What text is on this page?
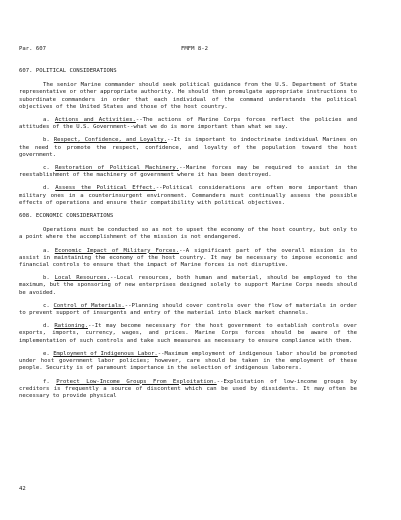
Par. 607	FMFM 8-2
607. POLITICAL CONSIDERATIONS
The senior Marine commander should seek political guidance from the U.S. Department of State representative or other appropriate authority. He should then promulgate appropriate instructions to subordinate commanders in order that each individual of the command understands the political objectives of the United States and those of the host country.
a. Actions and Activities.--The actions of Marine Corps forces reflect the policies and attitudes of the U.S. Government--what we do is more important than what we say.
b. Respect, Confidence, and Loyalty.--It is important to indoctrinate individual Marines on the need to promote the respect, confidence, and loyalty of the population toward the host government.
c. Restoration of Political Machinery.--Marine forces may be required to assist in the reestablishment of the machinery of government where it has been destroyed.
d. Assess the Political Effect.--Political considerations are often more important than military ones in a counterinsurgent environment. Commanders must continually assess the possible effects of operations and ensure their compatibility with political objectives.
608. ECONOMIC CONSIDERATIONS
Operations must be conducted so as not to upset the economy of the host country, but only to a point where the accomplishment of the mission is not endangered.
a. Economic Impact of Military Forces.--A significant part of the overall mission is to assist in maintaining the economy of the host country. It may be necessary to impose economic and financial controls to ensure that the impact of Marine forces is not disruptive.
b. Local Resources.--Local resources, both human and material, should be employed to the maximum, but the sponsoring of new enterprises designed solely to support Marine Corps needs should be avoided.
c. Control of Materials.--Planning should cover controls over the flow of materials in order to prevent support of insurgents and entry of the material into black market channels.
d. Rationing.--It may become necessary for the host government to establish controls over exports, imports, currency, wages, and prices. Marine Corps forces should be aware of the implementation of such controls and take such measures as necessary to ensure compliance with them.
e. Employment of Indigenous Labor.--Maximum employment of indigenous labor should be promoted under host government labor policies; however, care should be taken in the employment of these people. Security is of paramount importance in the selection of indigenous laborers.
f. Protect Low-Income Groups From Exploitation.--Exploitation of low-income groups by creditors is frequently a source of discontent which can be used by dissidents. It may often be necessary to provide physical
42
